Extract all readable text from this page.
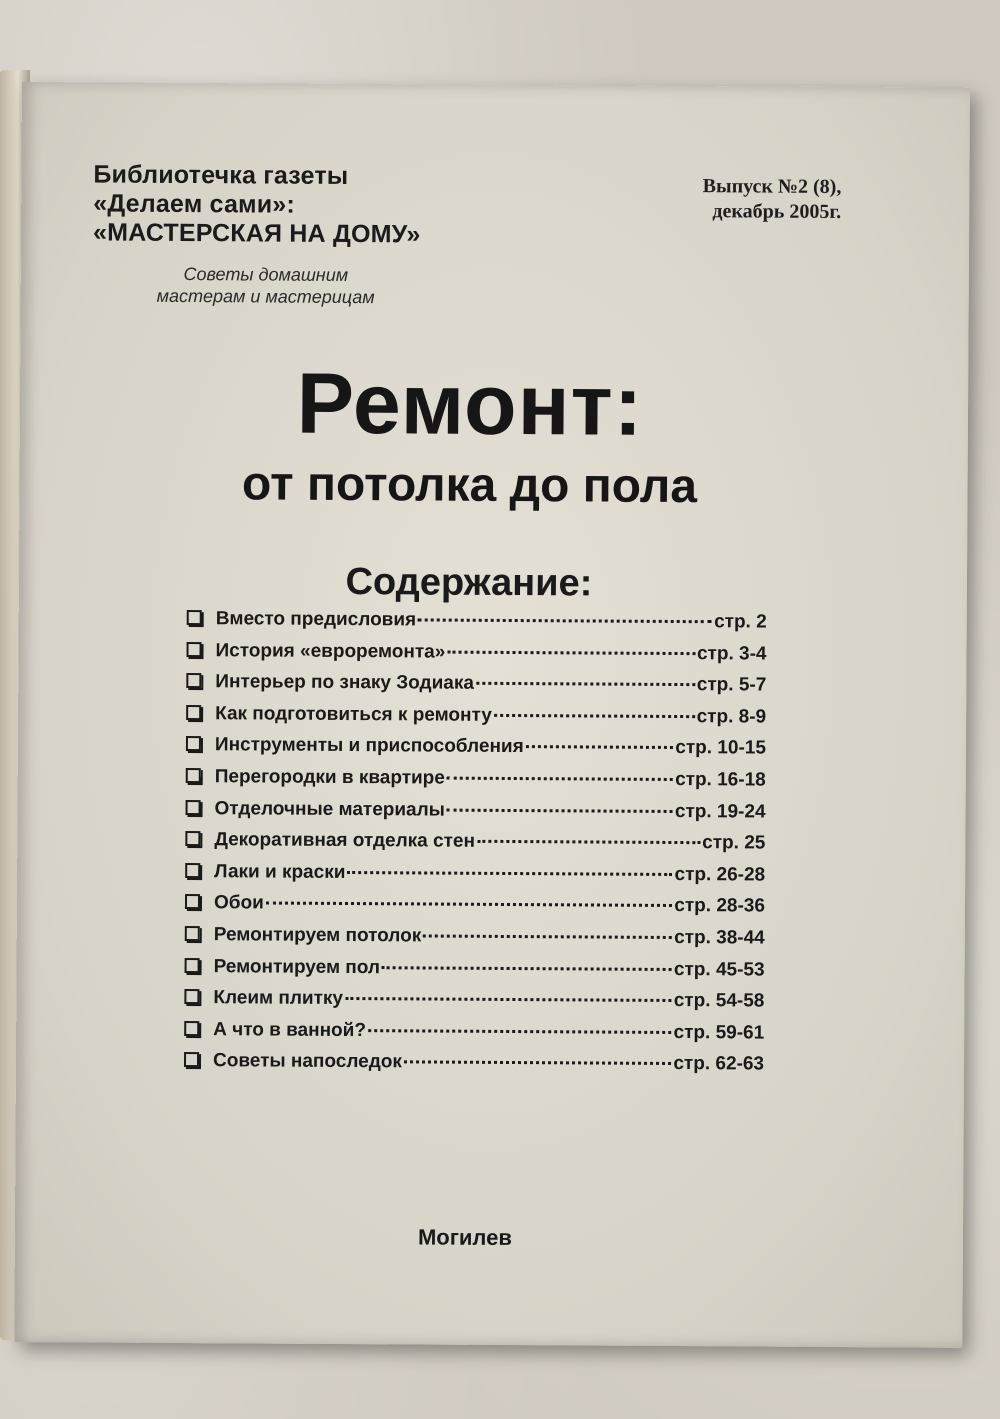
Библиотечка газеты
«Делаем сами»:
«МАСТЕРСКАЯ НА ДОМУ»
Советы домашним
мастерам и мастерицам
Выпуск №2 (8),
декабрь 2005г.
Ремонт:
от потолка до пола
Содержание:
Вместо предисловия	стр. 2
История «евроремонта»	стр. 3-4
Интерьер по знаку Зодиака	стр. 5-7
Как подготовиться к ремонту	стр. 8-9
Инструменты и приспособления	стр. 10-15
Перегородки в квартире	стр. 16-18
Отделочные материалы	стр. 19-24
Декоративная отделка стен	стр. 25
Лаки и краски	стр. 26-28
Обои	стр. 28-36
Ремонтируем потолок	стр. 38-44
Ремонтируем пол	стр. 45-53
Клеим плитку	стр. 54-58
А что в ванной?	стр. 59-61
Советы напоследок	стр. 62-63
Могилев
